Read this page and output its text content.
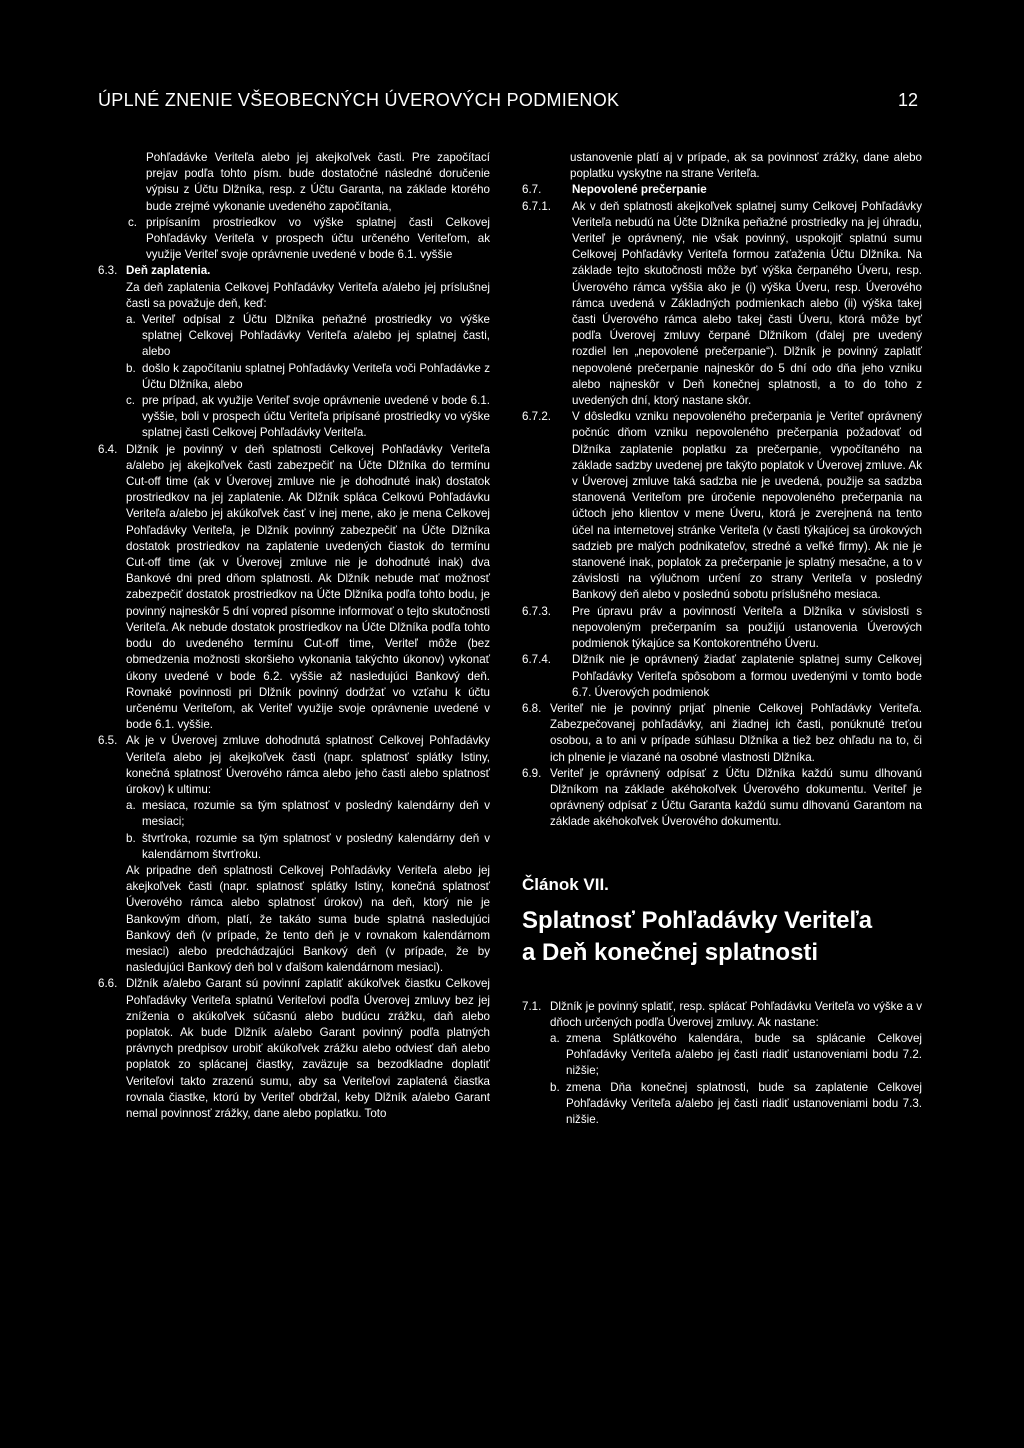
ÚPLNÉ ZNENIE VŠEOBECNÝCH ÚVEROVÝCH PODMIENOK	12
Pohľadávke Veriteľa alebo jej akejkoľvek časti. Pre započítací prejav podľa tohto písm. bude dostatočné následné doručenie výpisu z Účtu Dlžníka, resp. z Účtu Garanta, na základe ktorého bude zrejmé vykonanie uvedeného započítania,
c. pripísaním prostriedkov vo výške splatnej časti Celkovej Pohľadávky Veriteľa v prospech účtu určeného Veriteľom, ak využije Veriteľ svoje oprávnenie uvedené v bode 6.1. vyššie
6.3. Deň zaplatenia.
Za deň zaplatenia Celkovej Pohľadávky Veriteľa a/alebo jej príslušnej časti sa považuje deň, keď:
a. Veriteľ odpísal z Účtu Dlžníka peňažné prostriedky vo výške splatnej Celkovej Pohľadávky Veriteľa a/alebo jej splatnej časti, alebo
b. došlo k započítaniu splatnej Pohľadávky Veriteľa voči Pohľadávke z Účtu Dlžníka, alebo
c. pre prípad, ak využije Veriteľ svoje oprávnenie uvedené v bode 6.1. vyššie, boli v prospech účtu Veriteľa pripísané prostriedky vo výške splatnej časti Celkovej Pohľadávky Veriteľa.
6.4. Dlžník je povinný v deň splatnosti Celkovej Pohľadávky Veriteľa a/alebo jej akejkoľvek časti zabezpečiť na Účte Dlžníka do termínu Cut-off time (ak v Úverovej zmluve nie je dohodnuté inak) dostatok prostriedkov na jej zaplatenie. Ak Dlžník spláca Celkovú Pohľadávku Veriteľa a/alebo jej akúkoľvek časť v inej mene, ako je mena Celkovej Pohľadávky Veriteľa, je Dlžník povinný zabezpečiť na Účte Dlžníka dostatok prostriedkov na zaplatenie uvedených čiastok do termínu Cut-off time (ak v Úverovej zmluve nie je dohodnuté inak) dva Bankové dni pred dňom splatnosti. Ak Dlžník nebude mať možnosť zabezpečiť dostatok prostriedkov na Účte Dlžníka podľa tohto bodu, je povinný najneskôr 5 dní vopred písomne informovať o tejto skutočnosti Veriteľa. Ak nebude dostatok prostriedkov na Účte Dlžníka podľa tohto bodu do uvedeného termínu Cut-off time, Veriteľ môže (bez obmedzenia možnosti skoršieho vykonania takýchto úkonov) vykonať úkony uvedené v bode 6.2. vyššie až nasledujúci Bankový deň. Rovnaké povinnosti pri Dlžník povinný dodržať vo vzťahu k účtu určenému Veriteľom, ak Veriteľ využije svoje oprávnenie uvedené v bode 6.1. vyššie.
6.5. Ak je v Úverovej zmluve dohodnutá splatnosť Celkovej Pohľadávky Veriteľa alebo jej akejkoľvek časti (napr. splatnosť splátky Istiny, konečná splatnosť Úverového rámca alebo jeho časti alebo splatnosť úrokov) k ultimu:
a. mesiaca, rozumie sa tým splatnosť v posledný kalendárny deň v mesiaci;
b. štvrťroka, rozumie sa tým splatnosť v posledný kalendárny deň v kalendárnom štvrťroku.
Ak pripadne deň splatnosti Celkovej Pohľadávky Veriteľa alebo jej akejkoľvek časti (napr. splatnosť splátky Istiny, konečná splatnosť Úverového rámca alebo splatnosť úrokov) na deň, ktorý nie je Bankovým dňom, platí, že takáto suma bude splatná nasledujúci Bankový deň (v prípade, že tento deň je v rovnakom kalendárnom mesiaci) alebo predchádzajúci Bankový deň (v prípade, že by nasledujúci Bankový deň bol v ďalšom kalendárnom mesiaci).
6.6. Dlžník a/alebo Garant sú povinní zaplatiť akúkoľvek čiastku Celkovej Pohľadávky Veriteľa splatnú Veriteľovi podľa Úverovej zmluvy bez jej zníženia o akúkoľvek súčasnú alebo budúcu zrážku, daň alebo poplatok. Ak bude Dlžník a/alebo Garant povinný podľa platných právnych predpisov urobiť akúkoľvek zrážku alebo odviesť daň alebo poplatok zo splácanej čiastky, zaväzuje sa bezodkladne doplatiť Veriteľovi takto zrazenú sumu, aby sa Veriteľovi zaplatená čiastka rovnala čiastke, ktorú by Veriteľ obdržal, keby Dlžník a/alebo Garant nemal povinnosť zrážky, dane alebo poplatku. Toto
ustanovenie platí aj v prípade, ak sa povinnosť zrážky, dane alebo poplatku vyskytne na strane Veriteľa.
6.7.	Nepovolené prečerpanie
6.7.1.	Ak v deň splatnosti akejkoľvek splatnej sumy Celkovej Pohľadávky Veriteľa nebudú na Účte Dlžníka peňažné prostriedky na jej úhradu, Veriteľ je oprávnený, nie však povinný, uspokojiť splatnú sumu Celkovej Pohľadávky Veriteľa formou zaťaženia Účtu Dlžníka. Na základe tejto skutočnosti môže byť výška čerpaného Úveru, resp. Úverového rámca vyššia ako je (i) výška Úveru, resp. Úverového rámca uvedená v Základných podmienkach alebo (ii) výška takej časti Úverového rámca alebo takej časti Úveru, ktorá môže byť podľa Úverovej zmluvy čerpané Dlžníkom (ďalej pre uvedený rozdiel len „nepovolené prečerpanie“). Dlžník je povinný zaplatiť nepovolené prečerpanie najneskôr do 5 dní odo dňa jeho vzniku alebo najneskôr v Deň konečnej splatnosti, a to do toho z uvedených dní, ktorý nastane skôr.
6.7.2.	V dôsledku vzniku nepovoleného prečerpania je Veriteľ oprávnený počnúc dňom vzniku nepovoleného prečerpania požadovať od Dlžníka zaplatenie poplatku za prečerpanie, vypočítaného na základe sadzby uvedenej pre takýto poplatok v Úverovej zmluve. Ak v Úverovej zmluve taká sadzba nie je uvedená, použije sa sadzba stanovená Veriteľom pre úročenie nepovoleného prečerpania na účtoch jeho klientov v mene Úveru, ktorá je zverejnená na tento účel na internetovej stránke Veriteľa (v časti týkajúcej sa úrokových sadzieb pre malých podnikateľov, stredné a veľké firmy). Ak nie je stanovené inak, poplatok za prečerpanie je splatný mesačne, a to v závislosti na výlučnom určení zo strany Veriteľa v posledný Bankový deň alebo v poslednú sobotu príslušného mesiaca.
6.7.3.	Pre úpravu práv a povinností Veriteľa a Dlžníka v súvislosti s nepovoleným prečerpaním sa použijú ustanovenia Úverových podmienok týkajúce sa Kontokorentného Úveru.
6.7.4.	Dlžník nie je oprávnený žiadať zaplatenie splatnej sumy Celkovej Pohľadávky Veriteľa spôsobom a formou uvedenými v tomto bode 6.7. Úverových podmienok
6.8. Veriteľ nie je povinný prijať plnenie Celkovej Pohľadávky Veriteľa. Zabezpečovanej pohľadávky, ani žiadnej ich časti, ponúknuté treťou osobou, a to ani v prípade súhlasu Dlžníka a tiež bez ohľadu na to, či ich plnenie je viazané na osobné vlastnosti Dlžníka.
6.9. Veriteľ je oprávnený odpísať z Účtu Dlžníka každú sumu dlhovanú Dlžníkom na základe akéhokoľvek Úverového dokumentu. Veriteľ je oprávnený odpísať z Účtu Garanta každú sumu dlhovanú Garantom na základe akéhokoľvek Úverového dokumentu.
Článok VII.
Splatnosť Pohľadávky Veriteľa
a Deň konečnej splatnosti
7.1. Dlžník je povinný splatiť, resp. splácať Pohľadávku Veriteľa vo výške a v dňoch určených podľa Úverovej zmluvy. Ak nastane:
a. zmena Splátkového kalendára, bude sa splácanie Celkovej Pohľadávky Veriteľa a/alebo jej časti riadiť ustanoveniami bodu 7.2. nižšie;
b. zmena Dňa konečnej splatnosti, bude sa zaplatenie Celkovej Pohľadávky Veriteľa a/alebo jej časti riadiť ustanoveniami bodu 7.3. nižšie.
